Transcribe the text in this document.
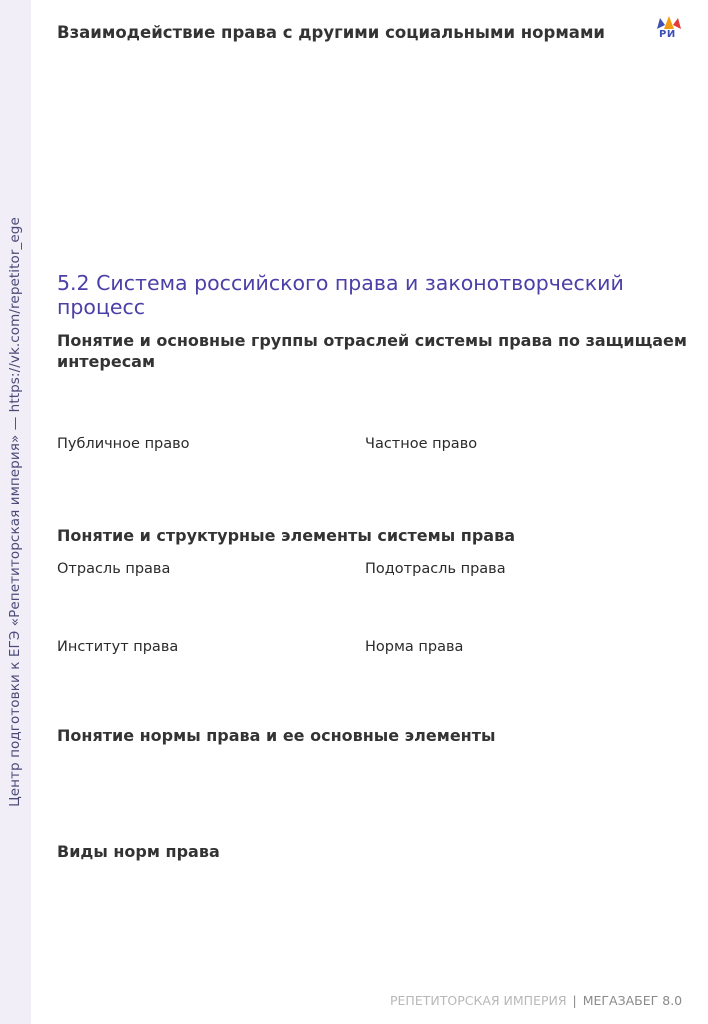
Центр подготовки к ЕГЭ «Репетиторская империя» — https://vk.com/repetitor_ege
РИ
Взаимодействие права с другими социальными нормами
5.2 Система российского права и законотворческий процесс
Понятие и основные группы отраслей системы права по защищаем интересам
Публичное право	Частное право
Понятие и структурные элементы системы права
Отрасль права	Подотрасль права
Институт права	Норма права
Понятие нормы права и ее основные элементы
Виды норм права
РЕПЕТИТОРСКАЯ ИМПЕРИЯ | МЕГАЗАБЕГ 8.0
